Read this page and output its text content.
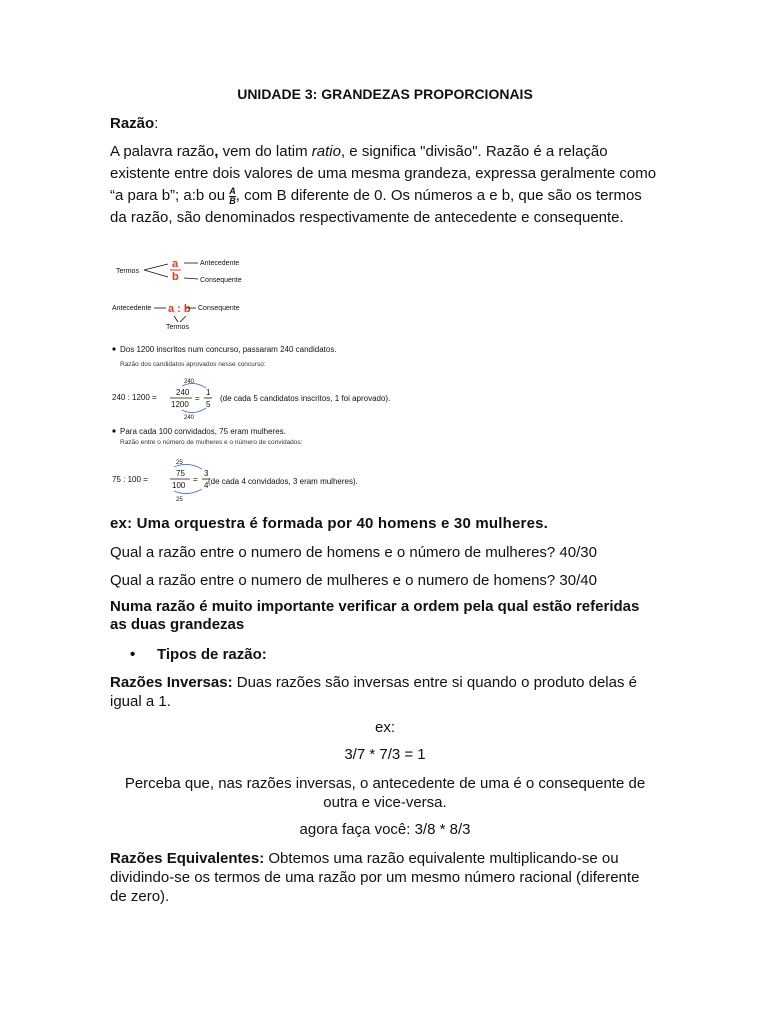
UNIDADE 3: GRANDEZAS PROPORCIONAIS
Razão:
A palavra razão, vem do latim ratio, e significa "divisão". Razão é a relação existente entre dois valores de uma mesma grandeza, expressa geralmente como “a para b”; a:b ou $\frac{A}{B}$ , com B diferente de 0. Os números a e b, que são os termos da razão, são denominados respectivamente de antecedente e consequente.
Termos
a
b
Antecedente
Consequente
Antecedente a : b Consequente
Termos
Dos 1200 inscritos num concurso, passaram 240 candidatos.
Razão dos candidatos aprovados nesse concurso:
240
240 : 1200 =
240
1200
=
1
5
240
(de cada 5 candidatos inscritos, 1 foi aprovado).
Para cada 100 convidados, 75 eram mulheres.
Razão entre o número de mulheres e o número de convidados:
25
75 : 100 =
75
100
=
3
4
25
(de cada 4 convidados, 3 eram mulheres).
ex: Uma orquestra é formada por 40 homens e 30 mulheres.
Qual a razão entre o numero de homens e o número de mulheres? 40/30
Qual a razão entre o numero de mulheres e o numero de homens? 30/40
Numa razão é muito importante verificar a ordem pela qual estão referidas as duas grandezas
• Tipos de razão:
Razões Inversas: Duas razões são inversas entre si quando o produto delas é igual a 1.
ex:
3/7 * 7/3 = 1
Perceba que, nas razões inversas, o antecedente de uma é o consequente de outra e vice-versa.
agora faça você: 3/8 * 8/3
Razões Equivalentes: Obtemos uma razão equivalente multiplicando-se ou dividindo-se os termos de uma razão por um mesmo número racional (diferente de zero).
